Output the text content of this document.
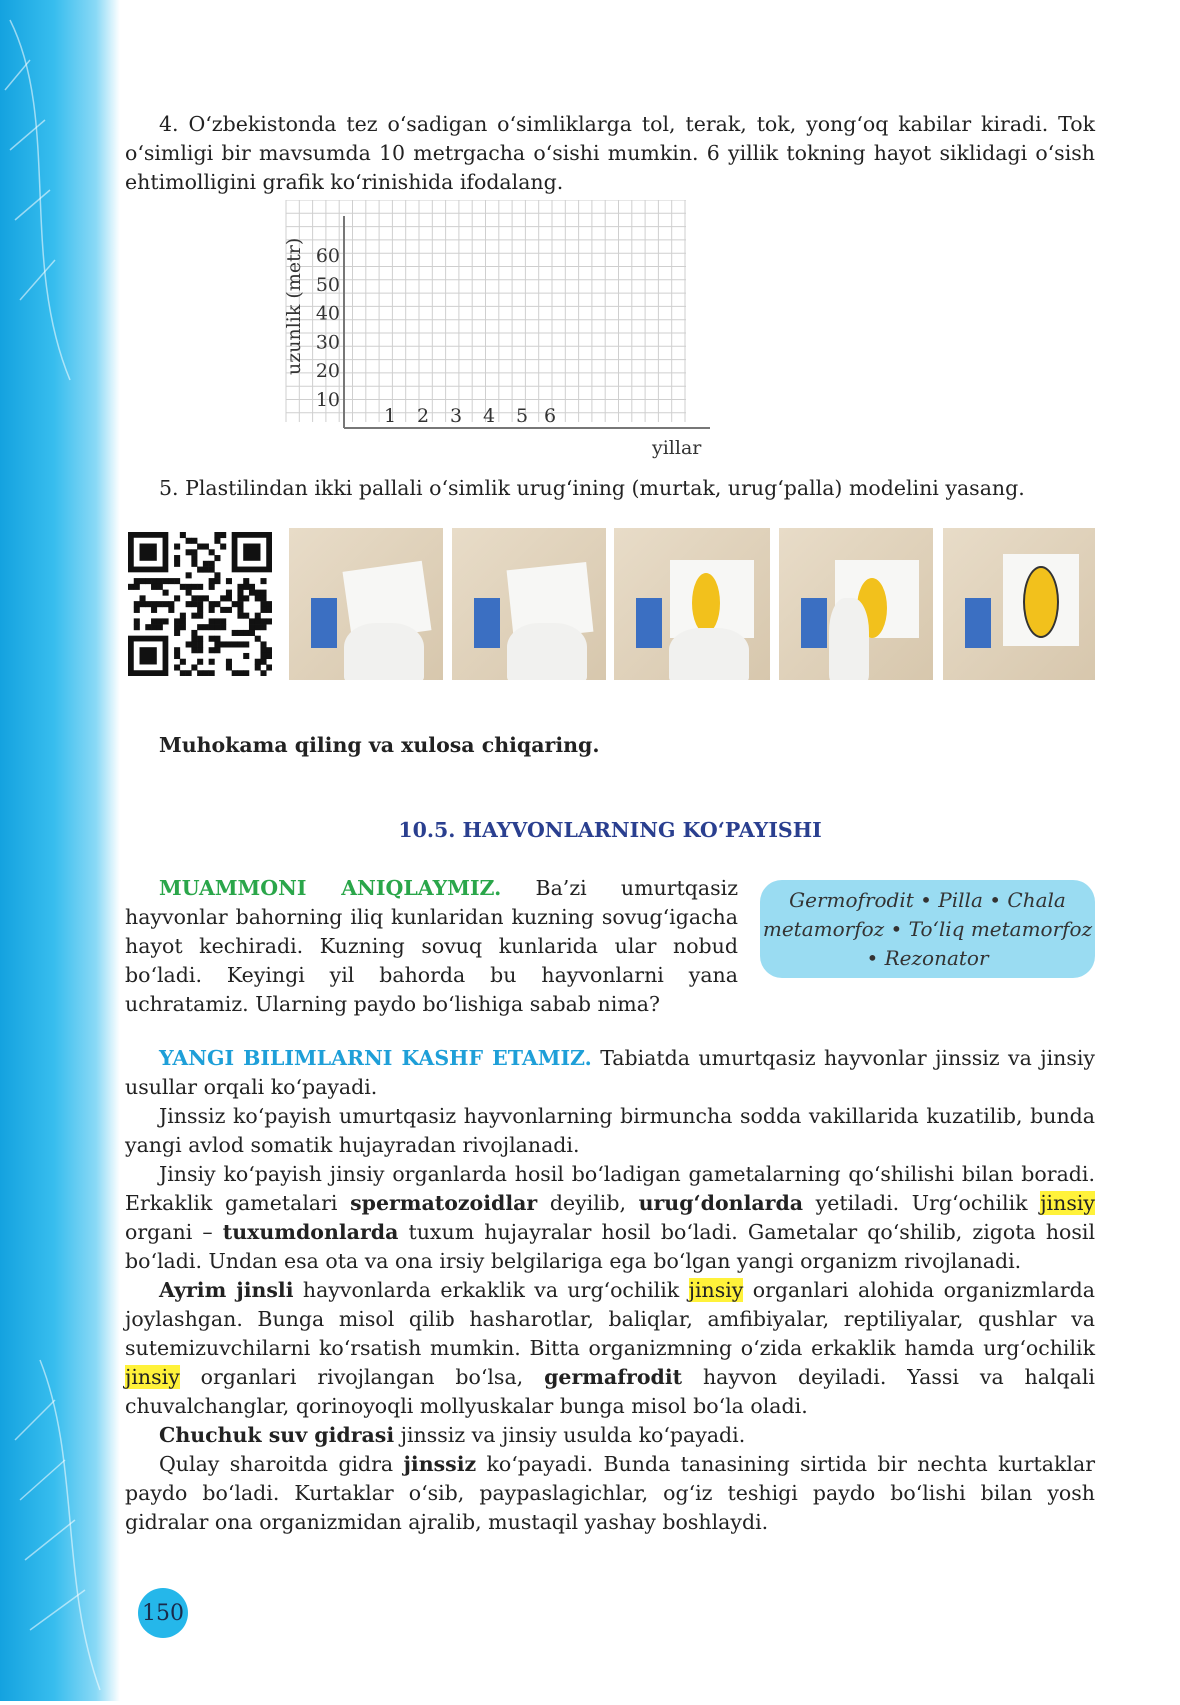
4. O‘zbekistonda tez o‘sadigan o‘simliklarga tol, terak, tok, yong‘oq kabilar kiradi. Tok o‘simligi bir mavsumda 10 metrgacha o‘sishi mumkin. 6 yillik tokning hayot siklidagi o‘sish ehtimolligini grafik ko‘rinishida ifodalang.

10
20
30
40
50
60
1 2 3 4 5 6
uzunlik (metr)
yillar
5. Plastilindan ikki pallali o‘simlik urug‘ining (murtak, urug‘palla) modelini yasang.
Muhokama qiling va xulosa chiqaring.
10.5. HAYVONLARNING KO‘PAYISHI

MUAMMONI ANIQLAYMIZ. Ba’zi umurtqasiz hayvonlar bahorning iliq kunlaridan kuzning sovug‘igacha hayot kechiradi. Kuzning sovuq kunlarida ular nobud bo‘ladi. Keyingi yil bahorda bu hayvonlarni yana uchratamiz. Ularning paydo bo‘lishiga sabab nima?

Germofrodit • Pilla • Chala metamorfoz • To‘liq metamorfoz • Rezonator

YANGI BILIMLARNI KASHF ETAMIZ. Tabiatda umurtqasiz hayvonlar jinssiz va jinsiy usullar orqali ko‘payadi.

Jinssiz ko‘payish umurtqasiz hayvonlarning birmuncha sodda vakillarida kuzatilib, bunda yangi avlod somatik hujayradan rivojlanadi.

Jinsiy ko‘payish jinsiy organlarda hosil bo‘ladigan gametalarning qo‘shilishi bilan boradi. Erkaklik gametalari spermatozoidlar deyilib, urug‘donlarda yetiladi. Urg‘ochilik jinsiy organi – tuxumdonlarda tuxum hujayralar hosil bo‘ladi. Gametalar qo‘shilib, zigota hosil bo‘ladi. Undan esa ota va ona irsiy belgilariga ega bo‘lgan yangi organizm rivojlanadi.

Ayrim jinsli hayvonlarda erkaklik va urg‘ochilik jinsiy organlari alohida organizmlarda joylashgan. Bunga misol qilib hasharotlar, baliqlar, amfibiyalar, reptiliyalar, qushlar va sutemizuvchilarni ko‘rsatish mumkin. Bitta organizmning o‘zida erkaklik hamda urg‘ochilik jinsiy organlari rivojlangan bo‘lsa, germafrodit hayvon deyiladi. Yassi va halqali chuvalchanglar, qorinoyoqli mollyuskalar bunga misol bo‘la oladi.

Chuchuk suv gidrasi jinssiz va jinsiy usulda ko‘payadi.

Qulay sharoitda gidra jinssiz ko‘payadi. Bunda tanasining sirtida bir nechta kurtaklar paydo bo‘ladi. Kurtaklar o‘sib, paypaslagichlar, og‘iz teshigi paydo bo‘lishi bilan yosh gidralar ona organizmidan ajralib, mustaqil yashay boshlaydi.

150
